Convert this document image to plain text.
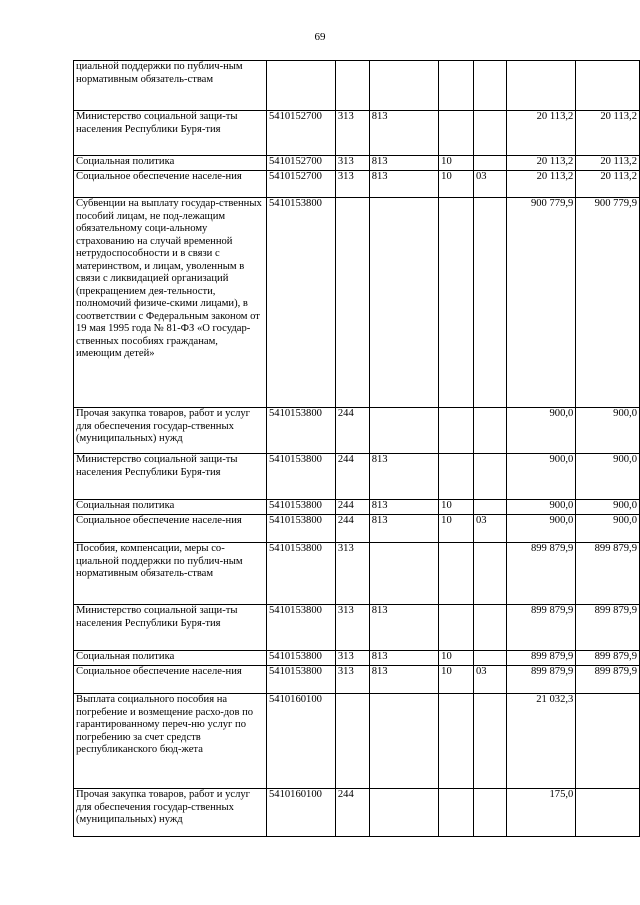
69
циальной поддержки по публич-ным нормативным обязатель-ствам							
Министерство социальной защи-ты населения Республики Буря-тия	5410152700	313	813			20 113,2	20 113,2
Социальная политика	5410152700	313	813	10		20 113,2	20 113,2
Социальное обеспечение населе-ния	5410152700	313	813	10	03	20 113,2	20 113,2
Субвенции на выплату государ-ственных пособий лицам, не под-лежащим обязательному соци-альному страхованию на случай временной нетрудоспособности и в связи с материнством, и лицам, уволенным в связи с ликвидацией организаций (прекращением дея-тельности, полномочий физиче-скими лицами), в соответствии с Федеральным законом от 19 мая 1995 года № 81-ФЗ «О государ-ственных пособиях гражданам, имеющим детей»	5410153800					900 779,9	900 779,9
Прочая закупка товаров, работ и услуг для обеспечения государ-ственных (муниципальных) нужд	5410153800	244				900,0	900,0
Министерство социальной защи-ты населения Республики Буря-тия	5410153800	244	813			900,0	900,0
Социальная политика	5410153800	244	813	10		900,0	900,0
Социальное обеспечение населе-ния	5410153800	244	813	10	03	900,0	900,0
Пособия, компенсации, меры со-циальной поддержки по публич-ным нормативным обязатель-ствам	5410153800	313				899 879,9	899 879,9
Министерство социальной защи-ты населения Республики Буря-тия	5410153800	313	813			899 879,9	899 879,9
Социальная политика	5410153800	313	813	10		899 879,9	899 879,9
Социальное обеспечение населе-ния	5410153800	313	813	10	03	899 879,9	899 879,9
Выплата социального пособия на погребение и возмещение расхо-дов по гарантированному переч-ню услуг по погребению за счет средств республиканского бюд-жета	5410160100					21 032,3	
Прочая закупка товаров, работ и услуг для обеспечения государ-ственных (муниципальных) нужд	5410160100	244				175,0	
